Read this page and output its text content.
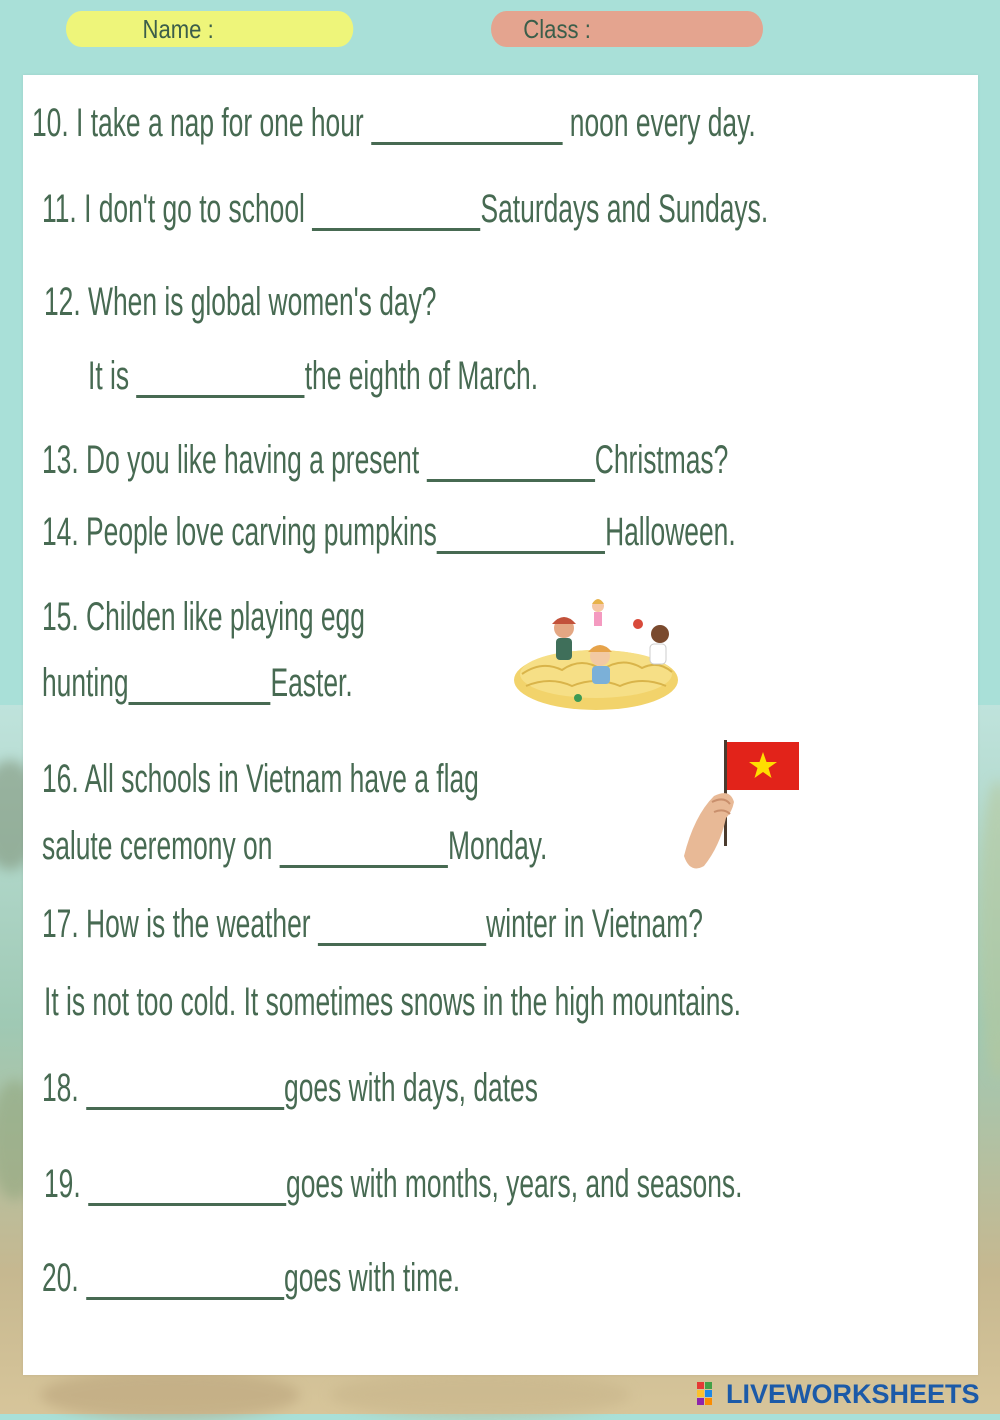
Name :	Class :
10. I take a nap for one hour	noon every day.
11. I don't go to school	Saturdays and Sundays.
12. When is global women's day?
It is	the eighth of March.
13. Do you like having a present	Christmas?
14. People love carving pumpkins	Halloween.
15. Childen like playing egg
hunting	Easter.
16. All schools in Vietnam have a flag
salute ceremony on	Monday.
17. How is the weather	winter in Vietnam?
It is not too cold. It sometimes snows in the high mountains.
18.	goes with days, dates
19.	goes with months, years, and seasons.
20.	goes with time.
LIVEWORKSHEETS
